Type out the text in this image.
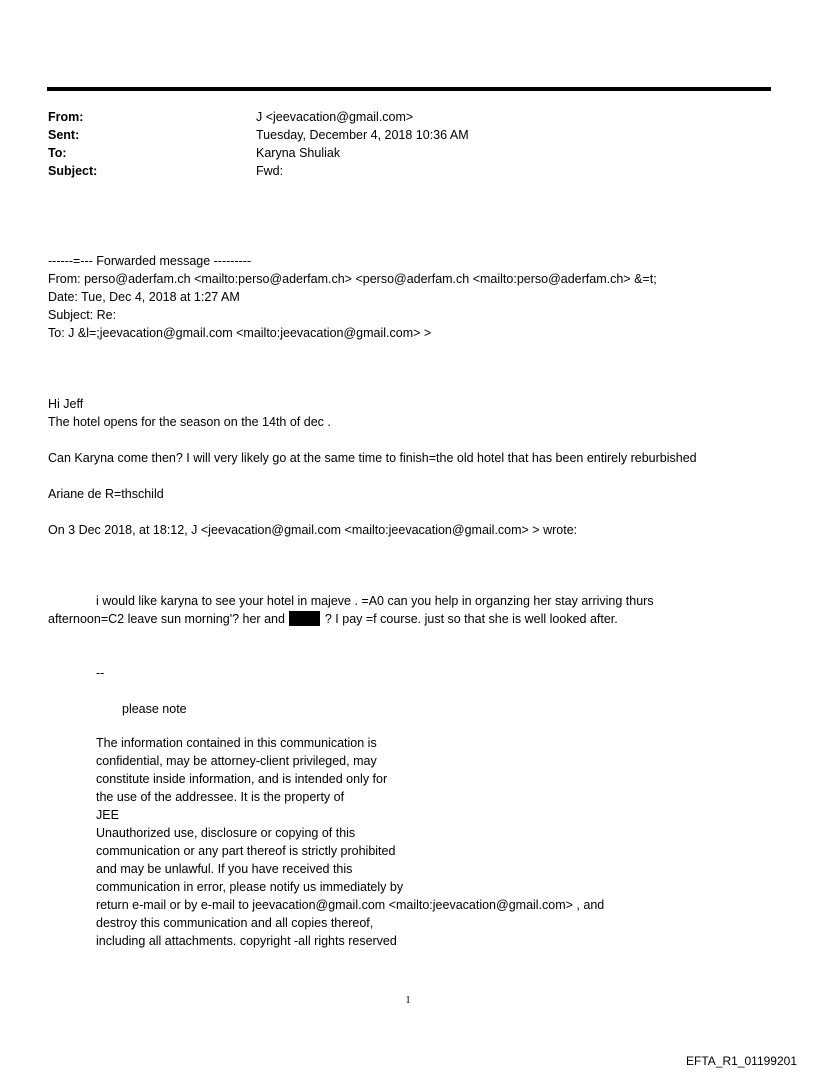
From:	J <jeevacation@gmail.com>
Sent:	Tuesday, December 4, 2018 10:36 AM
To:	Karyna Shuliak
Subject:	Fwd:
------=--- Forwarded message ---------
From: perso@aderfam.ch <mailto:perso@aderfam.ch> <perso@aderfam.ch <mailto:perso@aderfam.ch> &=t;
Date: Tue, Dec 4, 2018 at 1:27 AM
Subject: Re:
To: J &l=;jeevacation@gmail.com <mailto:jeevacation@gmail.com> >
Hi Jeff
The hotel opens for the season on the 14th of dec .
Can Karyna come then? I will very likely go at the same time to finish=the old hotel that has been entirely reburbished
Ariane de R=thschild
On 3 Dec 2018, at 18:12, J <jeevacation@gmail.com <mailto:jeevacation@gmail.com> > wrote:
i would like karyna to see your hotel in majeve . =A0 can you help in organzing her stay arriving thurs
afternoon=C2 leave sun morning'? her and	? I pay =f course. just so that she is well looked after.
--
please note
The information contained in this communication is
confidential, may be attorney-client privileged, may
constitute inside information, and is intended only for
the use of the addressee. It is the property of
JEE
Unauthorized use, disclosure or copying of this
communication or any part thereof is strictly prohibited
and may be unlawful. If you have received this
communication in error, please notify us immediately by
return e-mail or by e-mail to jeevacation@gmail.com <mailto:jeevacation@gmail.com> , and
destroy this communication and all copies thereof,
including all attachments. copyright -all rights reserved
1
EFTA_R1_01199201
